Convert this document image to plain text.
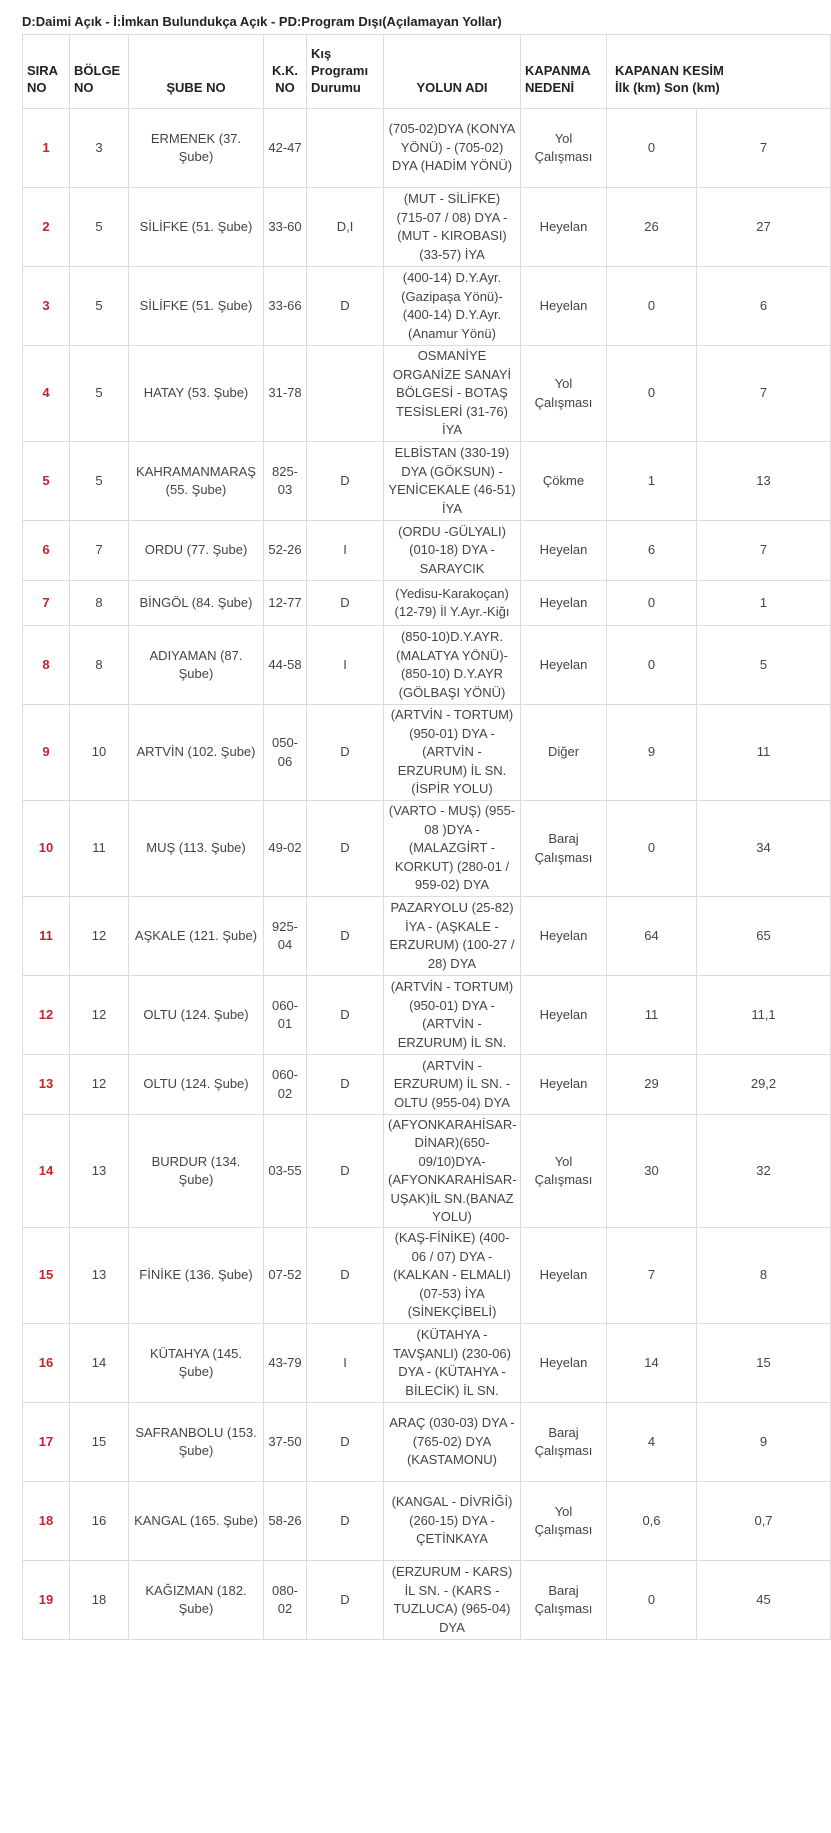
D:Daimi Açık - İ:İmkan Bulundukça Açık - PD:Program Dışı(Açılamayan Yollar)
SIRA NO	BÖLGE NO	ŞUBE NO	K.K. NO	Kış Programı Durumu	YOLUN ADI	KAPANMA NEDENİ	KAPANAN KESİM
İlk (km) Son (km)	
1	3	ERMENEK (37. Şube)	42-47		(705-02)DYA (KONYA YÖNÜ) - (705-02) DYA (HADİM YÖNÜ)	Yol Çalışması	0	7
2	5	SİLİFKE (51. Şube)	33-60	D,I	(MUT - SİLİFKE) (715-07 / 08) DYA - (MUT - KIROBASI) (33-57) İYA	Heyelan	26	27
3	5	SİLİFKE (51. Şube)	33-66	D	(400-14) D.Y.Ayr. (Gazipaşa Yönü)-(400-14) D.Y.Ayr. (Anamur Yönü)	Heyelan	0	6
4	5	HATAY (53. Şube)	31-78		OSMANİYE ORGANİZE SANAYİ BÖLGESİ - BOTAŞ TESİSLERİ (31-76) İYA	Yol Çalışması	0	7
5	5	KAHRAMANMARAŞ (55. Şube)	825-03	D	ELBİSTAN (330-19) DYA (GÖKSUN) - YENİCEKALE (46-51) İYA	Çökme	1	13
6	7	ORDU (77. Şube)	52-26	I	(ORDU -GÜLYALI) (010-18) DYA - SARAYCIK	Heyelan	6	7
7	8	BİNGÖL (84. Şube)	12-77	D	(Yedisu-Karakoçan) (12-79) İl Y.Ayr.-Kiğı	Heyelan	0	1
8	8	ADIYAMAN (87. Şube)	44-58	I	(850-10)D.Y.AYR. (MALATYA YÖNÜ)-(850-10) D.Y.AYR (GÖLBAŞI YÖNÜ)	Heyelan	0	5
9	10	ARTVİN (102. Şube)	050-06	D	(ARTVİN - TORTUM) (950-01) DYA - (ARTVİN - ERZURUM) İL SN. (İSPİR YOLU)	Diğer	9	11
10	11	MUŞ (113. Şube)	49-02	D	(VARTO - MUŞ) (955-08 )DYA - (MALAZGİRT - KORKUT) (280-01 / 959-02) DYA	Baraj Çalışması	0	34
11	12	AŞKALE (121. Şube)	925-04	D	PAZARYOLU (25-82) İYA - (AŞKALE - ERZURUM) (100-27 / 28) DYA	Heyelan	64	65
12	12	OLTU (124. Şube)	060-01	D	(ARTVİN - TORTUM) (950-01) DYA - (ARTVİN - ERZURUM) İL SN.	Heyelan	11	11,1
13	12	OLTU (124. Şube)	060-02	D	(ARTVİN - ERZURUM) İL SN. - OLTU (955-04) DYA	Heyelan	29	29,2
14	13	BURDUR (134. Şube)	03-55	D	(AFYONKARAHİSAR-DİNAR)(650-09/10)DYA-(AFYONKARAHİSAR-UŞAK)İL SN.(BANAZ YOLU)	Yol Çalışması	30	32
15	13	FİNİKE (136. Şube)	07-52	D	(KAŞ-FİNİKE) (400-06 / 07) DYA - (KALKAN - ELMALI) (07-53) İYA (SİNEKÇİBELİ)	Heyelan	7	8
16	14	KÜTAHYA (145. Şube)	43-79	I	(KÜTAHYA - TAVŞANLI) (230-06) DYA - (KÜTAHYA - BİLECİK) İL SN.	Heyelan	14	15
17	15	SAFRANBOLU (153. Şube)	37-50	D	ARAÇ (030-03) DYA - (765-02) DYA (KASTAMONU)	Baraj Çalışması	4	9
18	16	KANGAL (165. Şube)	58-26	D	(KANGAL - DİVRİĞİ) (260-15) DYA - ÇETİNKAYA	Yol Çalışması	0,6	0,7
19	18	KAĞIZMAN (182. Şube)	080-02	D	(ERZURUM - KARS) İL SN. - (KARS - TUZLUCA) (965-04) DYA	Baraj Çalışması	0	45
